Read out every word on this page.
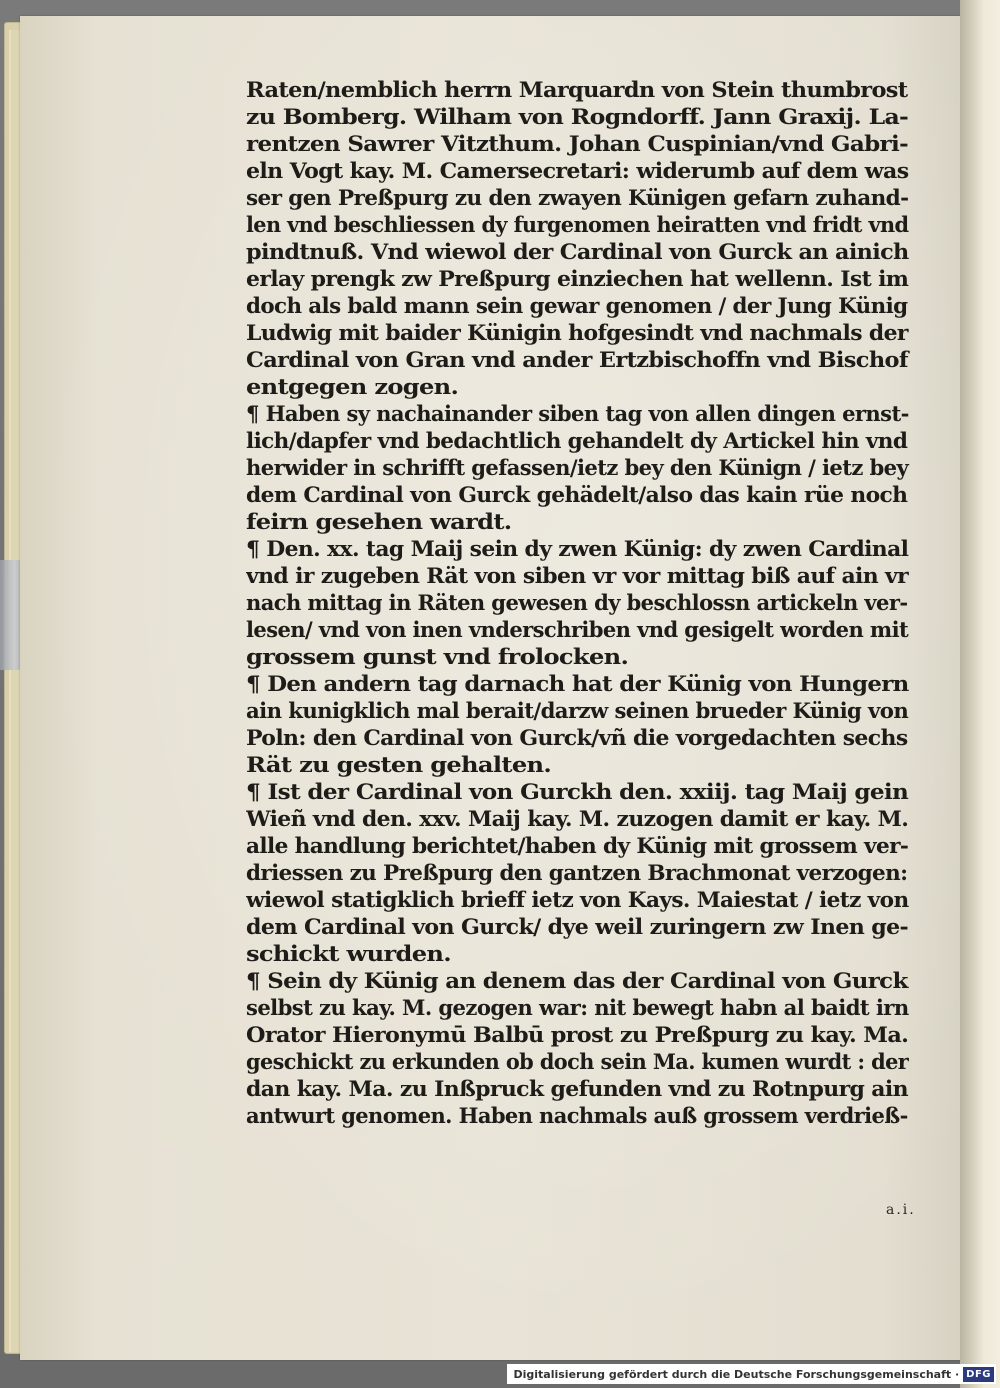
Raten/nemblich herrn Marquardn von Stein thumbrost
zu Bomberg. Wilham von Rogndorff. Jann Graxij. La-
rentzen Sawrer Vitzthum. Johan Cuspinian/vnd Gabri-
eln Vogt kay. M. Camersecretari: widerumb auf dem was
ser gen Preßpurg zu den zwayen Künigen gefarn zuhand-
len vnd beschliessen dy furgenomen heiratten vnd fridt vnd
pindtnuß. Vnd wiewol der Cardinal von Gurck an ainich
erlay prengk zw Preßpurg einziechen hat wellenn. Ist im
doch als bald mann sein gewar genomen / der Jung Künig
Ludwig mit baider Künigin hofgesindt vnd nachmals der
Cardinal von Gran vnd ander Ertzbischoffn vnd Bischof
entgegen zogen.
¶ Haben sy nachainander siben tag von allen dingen ernst-
lich/dapfer vnd bedachtlich gehandelt dy Artickel hin vnd
herwider in schrifft gefassen/ietz bey den Künign / ietz bey
dem Cardinal von Gurck gehädelt/also das kain rüe noch
feirn gesehen wardt.
¶ Den. xx. tag Maij sein dy zwen Künig: dy zwen Cardinal
vnd ir zugeben Rät von siben vr vor mittag biß auf ain vr
nach mittag in Räten gewesen dy beschlossn artickeln ver-
lesen/ vnd von inen vnderschriben vnd gesigelt worden mit
grossem gunst vnd frolocken.
¶ Den andern tag darnach hat der Künig von Hungern
ain kunigklich mal berait/darzw seinen brueder Künig von
Poln: den Cardinal von Gurck/vñ die vorgedachten sechs
Rät zu gesten gehalten.
¶ Ist der Cardinal von Gurckh den. xxiij. tag Maij gein
Wieñ vnd den. xxv. Maij kay. M. zuzogen damit er kay. M.
alle handlung berichtet/haben dy Künig mit grossem ver-
driessen zu Preßpurg den gantzen Brachmonat verzogen:
wiewol statigklich brieff ietz von Kays. Maiestat / ietz von
dem Cardinal von Gurck/ dye weil zuringern zw Inen ge-
schickt wurden.
¶ Sein dy Künig an denem das der Cardinal von Gurck
selbst zu kay. M. gezogen war: nit bewegt habn al baidt irn
Orator Hieronymū Balbū prost zu Preßpurg zu kay. Ma.
geschickt zu erkunden ob doch sein Ma. kumen wurdt : der
dan kay. Ma. zu Inßpruck gefunden vnd zu Rotnpurg ain
antwurt genomen. Haben nachmals auß grossem verdrieß-
a.i.
Digitalisierung gefördert durch die Deutsche Forschungsgemeinschaft · DFG
